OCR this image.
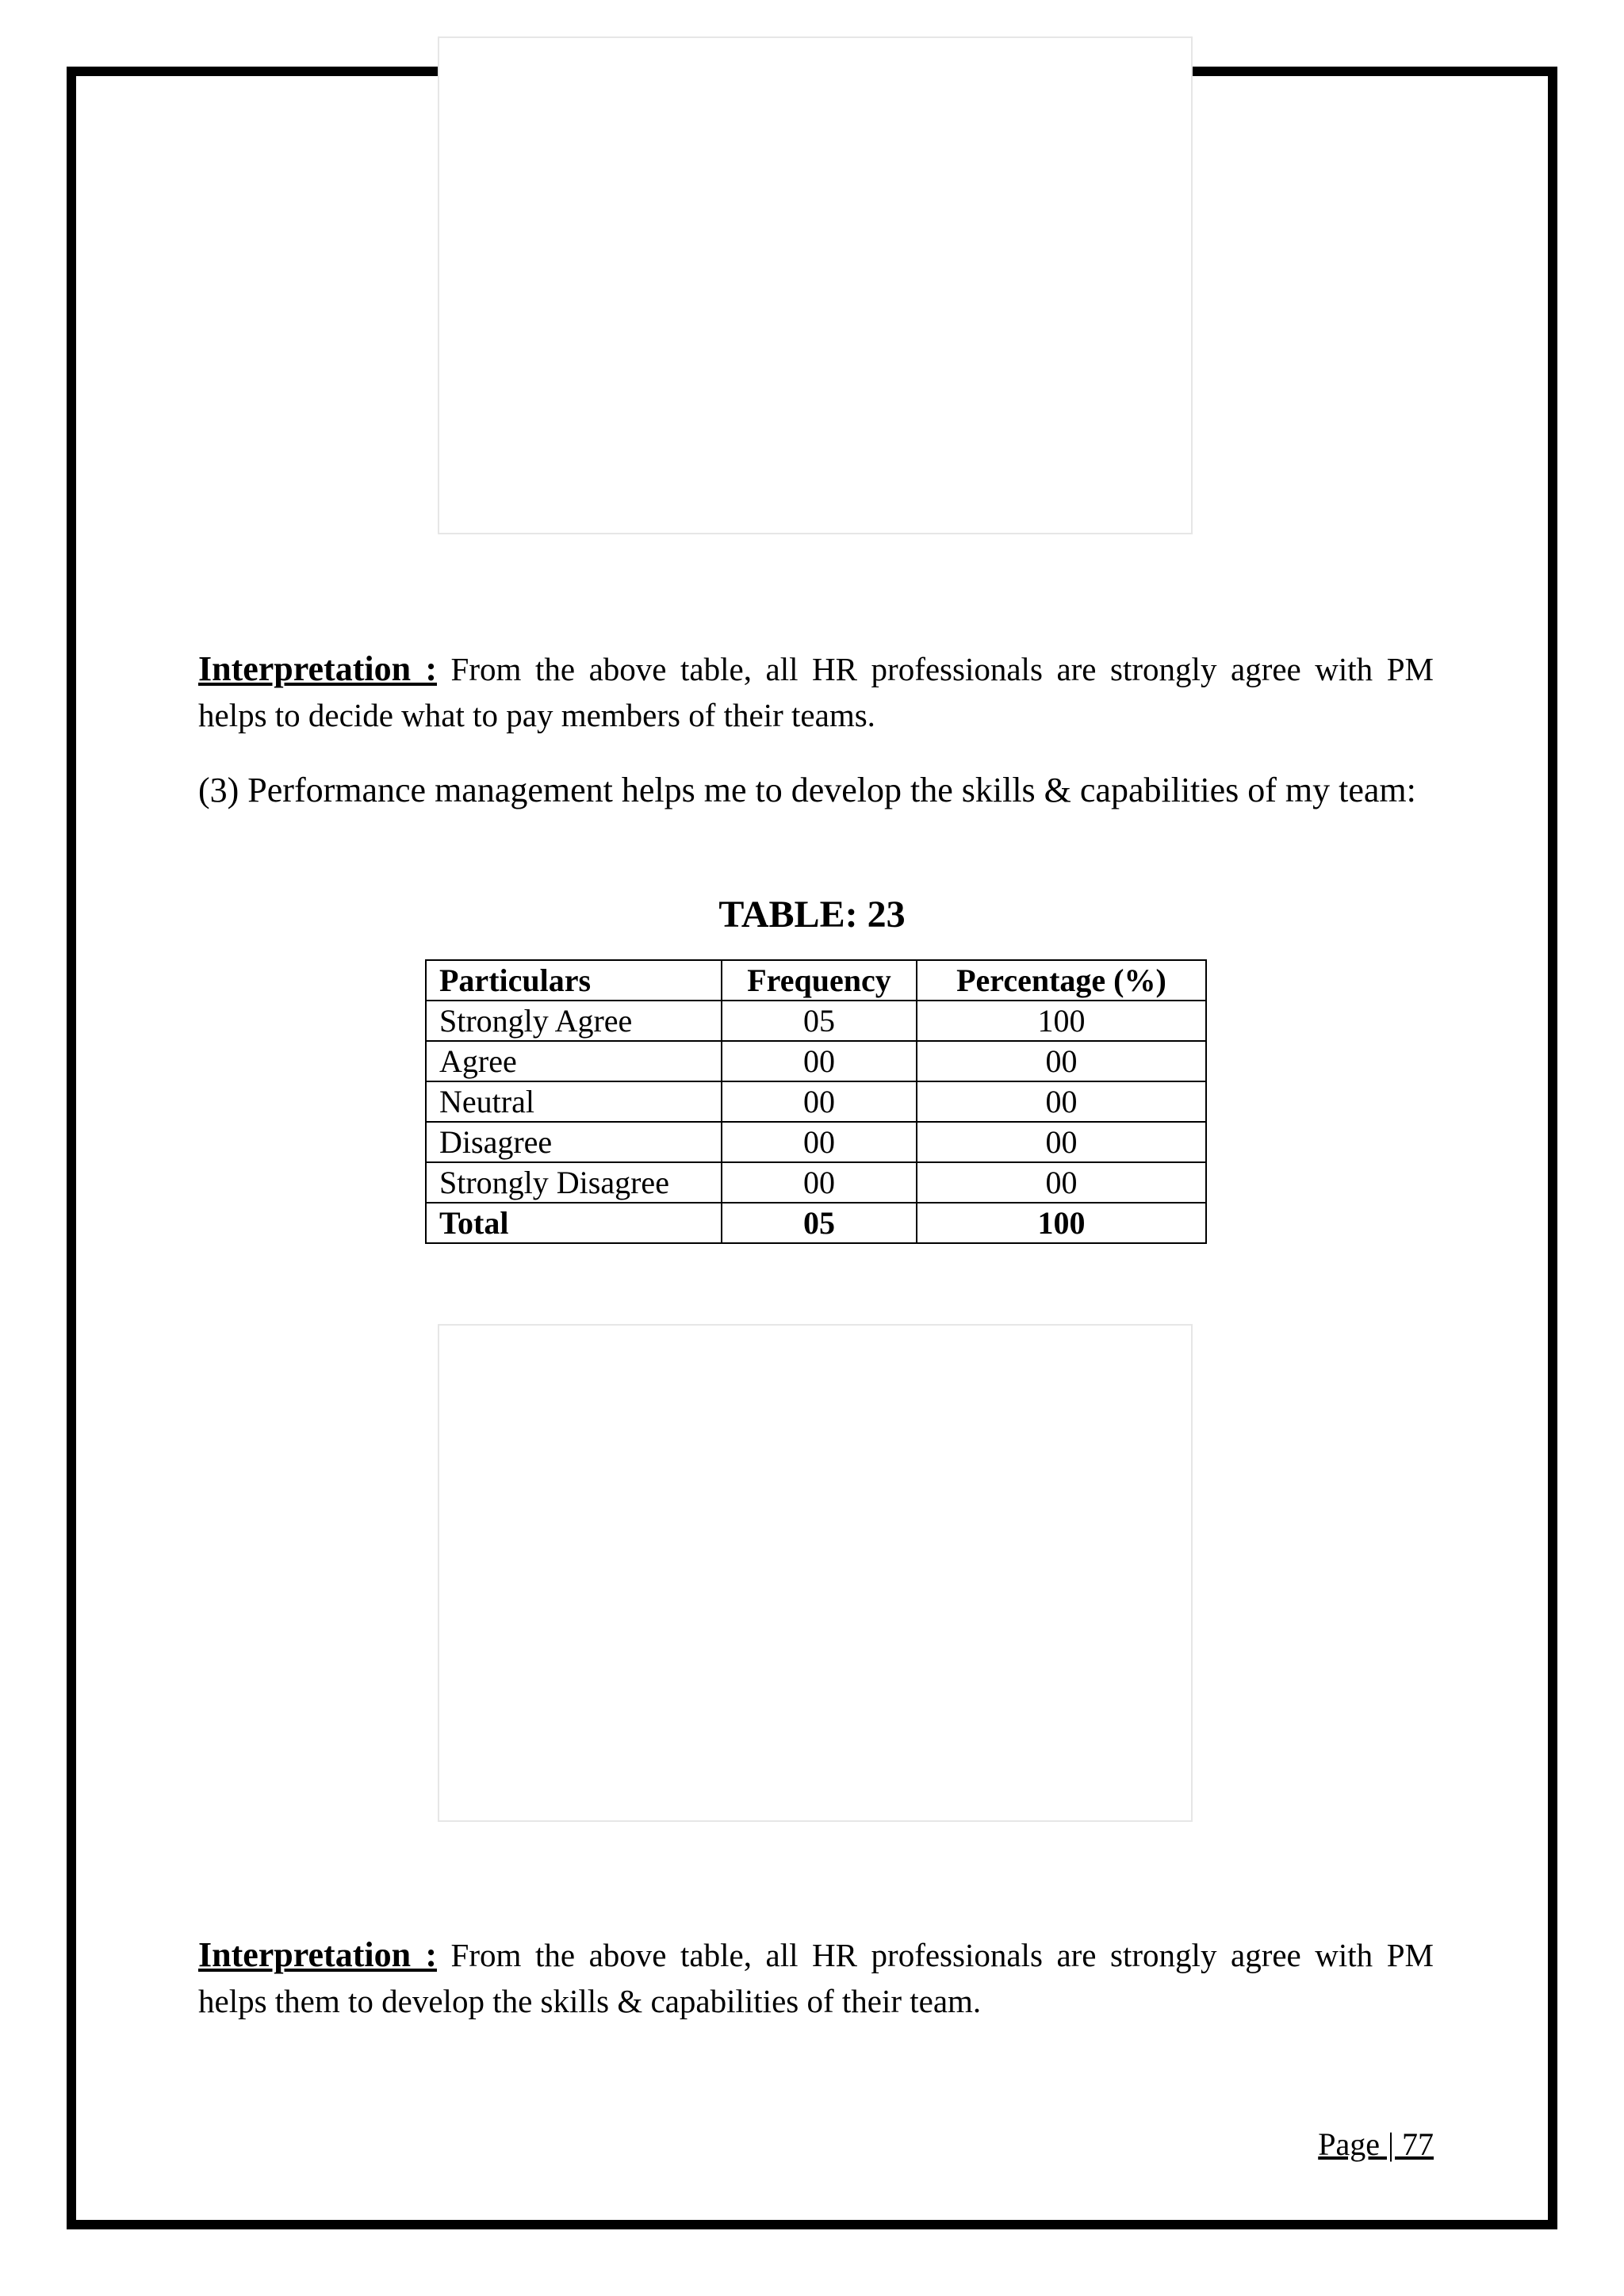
Interpretation : From the above table, all HR professionals are strongly agree with PM helps to decide what to pay members of their teams.

(3) Performance management helps me to develop the skills & capabilities of my team:

TABLE: 23
Particulars	Frequency	Percentage (%)
Strongly Agree	05	100
Agree	00	00
Neutral	00	00
Disagree	00	00
Strongly Disagree	00	00
Total	05	100

Interpretation : From the above table, all HR professionals are strongly agree with PM helps them to develop the skills & capabilities of their team.

Page | 77
